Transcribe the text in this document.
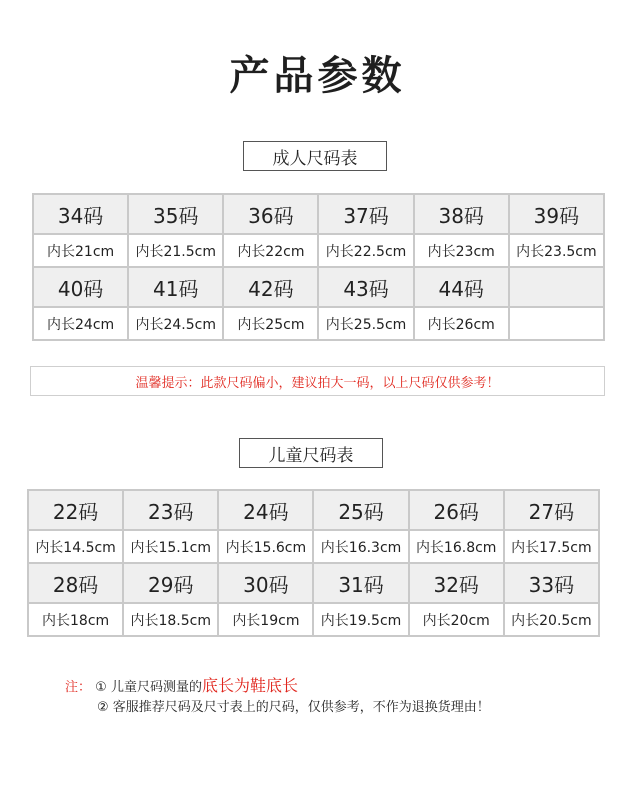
产品参数
成人尺码表
34码	35码	36码	37码	38码	39码
内长21cm	内长21.5cm	内长22cm	内长22.5cm	内长23cm	内长23.5cm
40码	41码	42码	43码	44码	
内长24cm	内长24.5cm	内长25cm	内长25.5cm	内长26cm	
温馨提示：此款尺码偏小，建议拍大一码，以上尺码仅供参考！
儿童尺码表
22码	23码	24码	25码	26码	27码
内长14.5cm	内长15.1cm	内长15.6cm	内长16.3cm	内长16.8cm	内长17.5cm
28码	29码	30码	31码	32码	33码
内长18cm	内长18.5cm	内长19cm	内长19.5cm	内长20cm	内长20.5cm
注： ① 儿童尺码测量的底长为鞋底长
② 客服推荐尺码及尺寸表上的尺码，仅供参考，不作为退换货理由！
